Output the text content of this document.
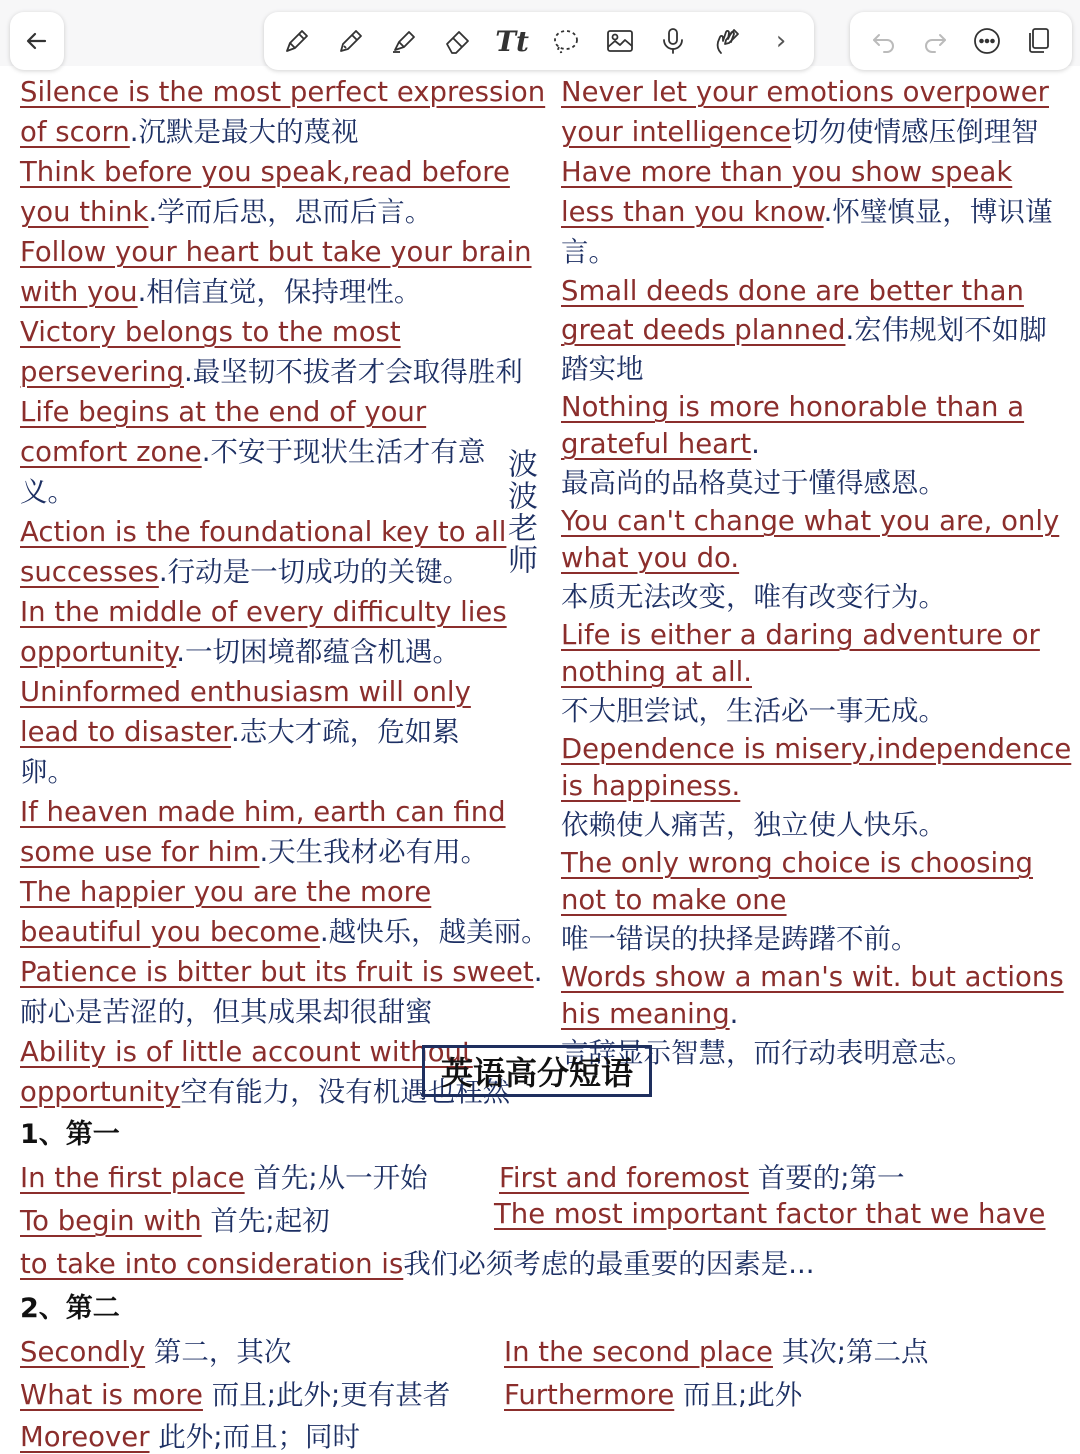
Tt	›

Silence is the most perfect expression of scorn.沉默是最大的蔑视

Think before you speak,read before you think.学而后思，思而后言。

Follow your heart but take your brain with you.相信直觉，保持理性。

Victory belongs to the most persevering.最坚韧不拔者才会取得胜利

Life begins at the end of your comfort zone.不安于现状生活才有意义。

Action is the foundational key to all successes.行动是一切成功的关键。

In the middle of every difficulty lies opportunity.一切困境都蕴含机遇。

Uninformed enthusiasm will only lead to disaster.志大才疏，危如累卵。

If heaven made him, earth can find some use for him.天生我材必有用。

The happier you are the more beautiful you become.越快乐，越美丽。

Patience is bitter but its fruit is sweet.耐心是苦涩的，但其成果却很甜蜜

Ability is of little account without opportunity空有能力，没有机遇也枉然

波波老师

Never let your emotions overpower your intelligence切勿使情感压倒理智

Have more than you show speak less than you know.怀璧慎显，博识谨言。

Small deeds done are better than great deeds planned.宏伟规划不如脚踏实地

Nothing is more honorable than a grateful heart.
最高尚的品格莫过于懂得感恩。

You can't change what you are, only what you do.
本质无法改变，唯有改变行为。

Life is either a daring adventure or nothing at all.
不大胆尝试，生活必一事无成。

Dependence is misery,independence is happiness.
依赖使人痛苦，独立使人快乐。

The only wrong choice is choosing not to make one
唯一错误的抉择是踌躇不前。

Words show a man's wit. but actions his meaning.
言辞显示智慧，而行动表明意志。

英语高分短语
1、第一
In the first place 首先;从一开始	First and foremost 首要的;第一
To begin with 首先;起初	The most important factor that we have
to take into consideration is我们必须考虑的最重要的因素是...
2、第二
Secondly 第二，其次	In the second place 其次;第二点
What is more 而且;此外;更有甚者 Furthermore 而且;此外
Moreover 此外;而且；同时
